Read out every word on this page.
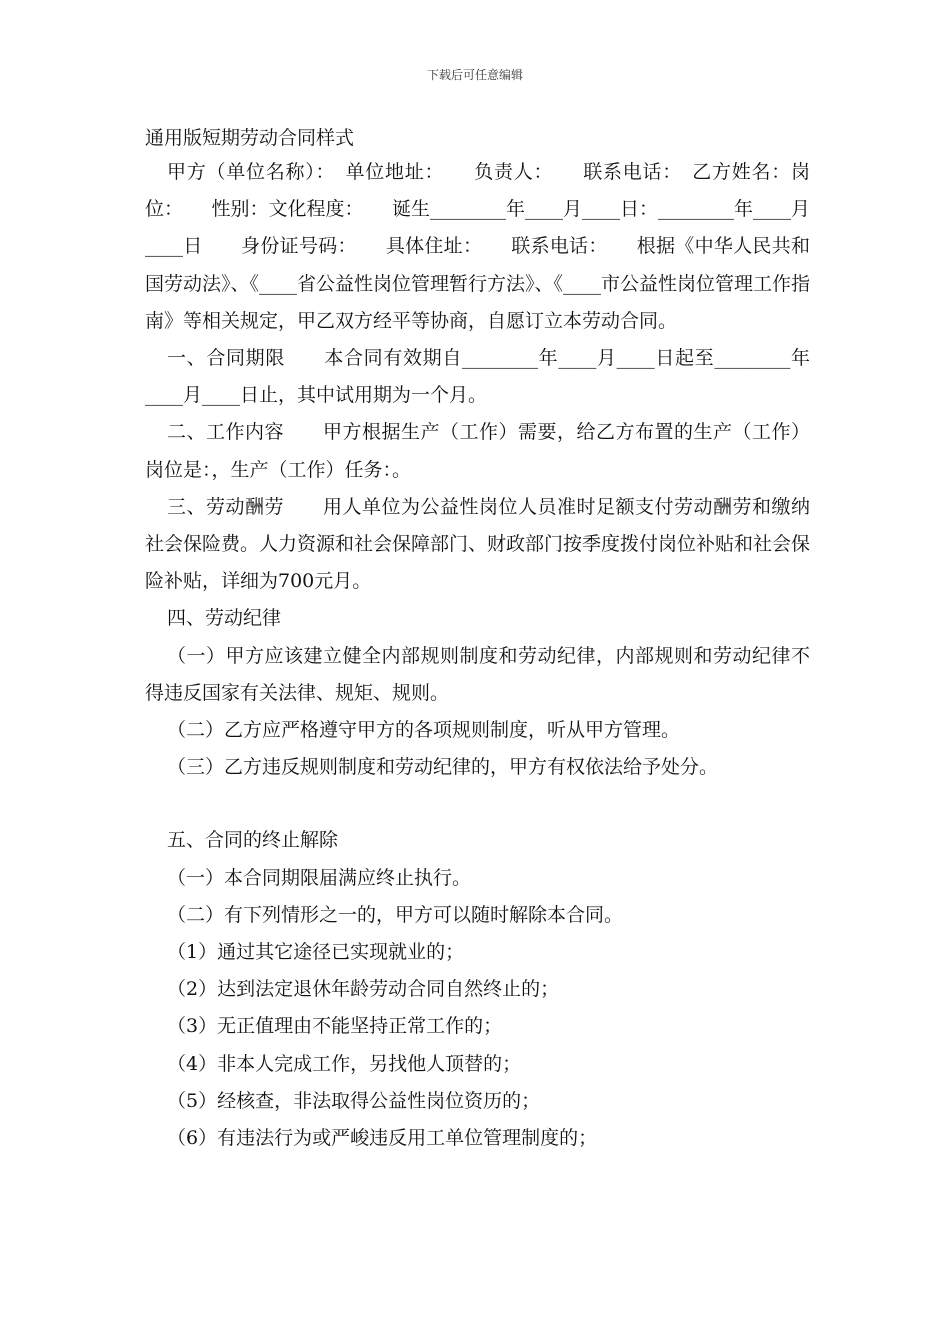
下载后可任意编辑
通用版短期劳动合同样式

甲方（单位名称）：　单位地址：　　负责人：　　联系电话：　乙方姓名：岗位：　　性别：文化程度：　　诞生________年____月____日：________年____月____日　　身份证号码：　　具体住址：　　联系电话：　　根据《中华人民共和国劳动法》、《____省公益性岗位管理暂行方法》、《____市公益性岗位管理工作指南》等相关规定，甲乙双方经平等协商，自愿订立本劳动合同。

一、合同期限　　本合同有效期自________年____月____日起至________年____月____日止，其中试用期为一个月。

二、工作内容　　甲方根据生产（工作）需要，给乙方布置的生产（工作）岗位是：，生产（工作）任务：。

三、劳动酬劳　　用人单位为公益性岗位人员准时足额支付劳动酬劳和缴纳社会保险费。人力资源和社会保障部门、财政部门按季度拨付岗位补贴和社会保险补贴，详细为700元月。

四、劳动纪律

（一）甲方应该建立健全内部规则制度和劳动纪律，内部规则和劳动纪律不得违反国家有关法律、规矩、规则。

（二）乙方应严格遵守甲方的各项规则制度，听从甲方管理。

（三）乙方违反规则制度和劳动纪律的，甲方有权依法给予处分。

五、合同的终止解除

（一）本合同期限届满应终止执行。

（二）有下列情形之一的，甲方可以随时解除本合同。

（1）通过其它途径已实现就业的；

（2）达到法定退休年龄劳动合同自然终止的；

（3）无正值理由不能坚持正常工作的；

（4）非本人完成工作，另找他人顶替的；

（5）经核查，非法取得公益性岗位资历的；

（6）有违法行为或严峻违反用工单位管理制度的；
